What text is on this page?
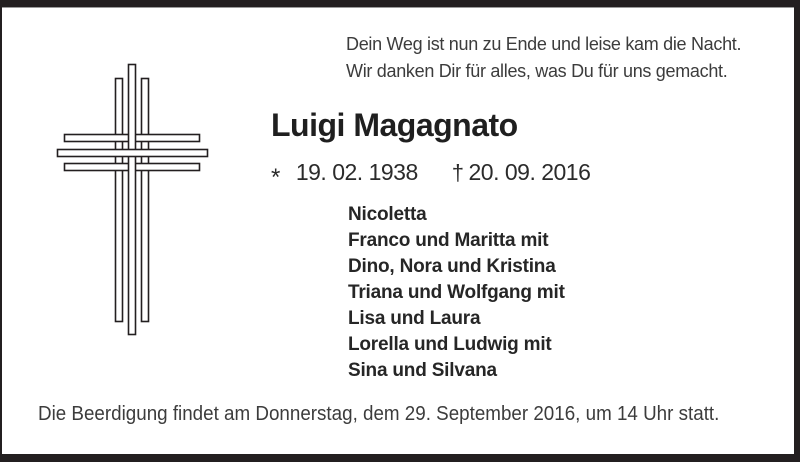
Dein Weg ist nun zu Ende und leise kam die Nacht.
Wir danken Dir für alles, was Du für uns gemacht.
Luigi Magagnato
* 19. 02. 1938 † 20. 09. 2016
Nicoletta
Franco und Maritta mit
Dino, Nora und Kristina
Triana und Wolfgang mit
Lisa und Laura
Lorella und Ludwig mit
Sina und Silvana
Die Beerdigung findet am Donnerstag, dem 29. September 2016, um 14 Uhr statt.
